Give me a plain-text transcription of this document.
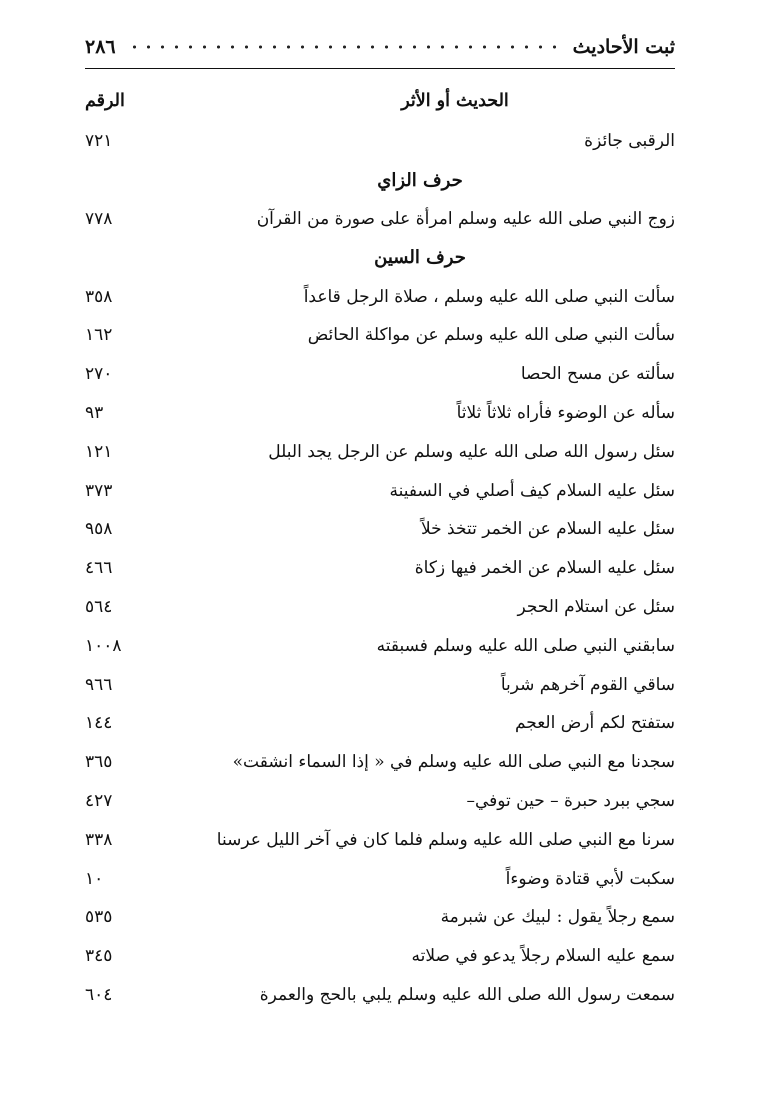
ثبت الأحاديث
٢٨٦
الحديث أو الأثر
الرقم
الرقبى جائزة
٧٢١
حرف الزاي
زوج النبي صلى الله عليه وسلم امرأة على صورة من القرآن
٧٧٨
حرف السين
سألت النبي صلى الله عليه وسلم ، صلاة الرجل قاعداً
٣٥٨
سألت النبي صلى الله عليه وسلم عن مواكلة الحائض
١٦٢
سألته عن مسح الحصا
٢٧٠
سأله عن الوضوء فأراه ثلاثاً ثلاثاً
٩٣
سئل رسول الله صلى الله عليه وسلم عن الرجل يجد البلل
١٢١
سئل عليه السلام كيف أصلي في السفينة
٣٧٣
سئل عليه السلام عن الخمر تتخذ خلاً
٩٥٨
سئل عليه السلام عن الخمر فيها زكاة
٤٦٦
سئل عن استلام الحجر
٥٦٤
سابقني النبي صلى الله عليه وسلم فسبقته
١٠٠٨
ساقي القوم آخرهم شرباً
٩٦٦
ستفتح لكم أرض العجم
١٤٤
سجدنا مع النبي صلى الله عليه وسلم في « إذا السماء انشقت»
٣٦٥
سجي ببرد حبرة – حين توفي–
٤٢٧
سرنا مع النبي صلى الله عليه وسلم فلما كان في آخر الليل عرسنا
٣٣٨
سكبت لأبي قتادة وضوءاً
١٠
سمع رجلاً يقول : لبيك عن شبرمة
٥٣٥
سمع عليه السلام رجلاً يدعو في صلاته
٣٤٥
سمعت رسول الله صلى الله عليه وسلم يلبي بالحج والعمرة
٦٠٤
